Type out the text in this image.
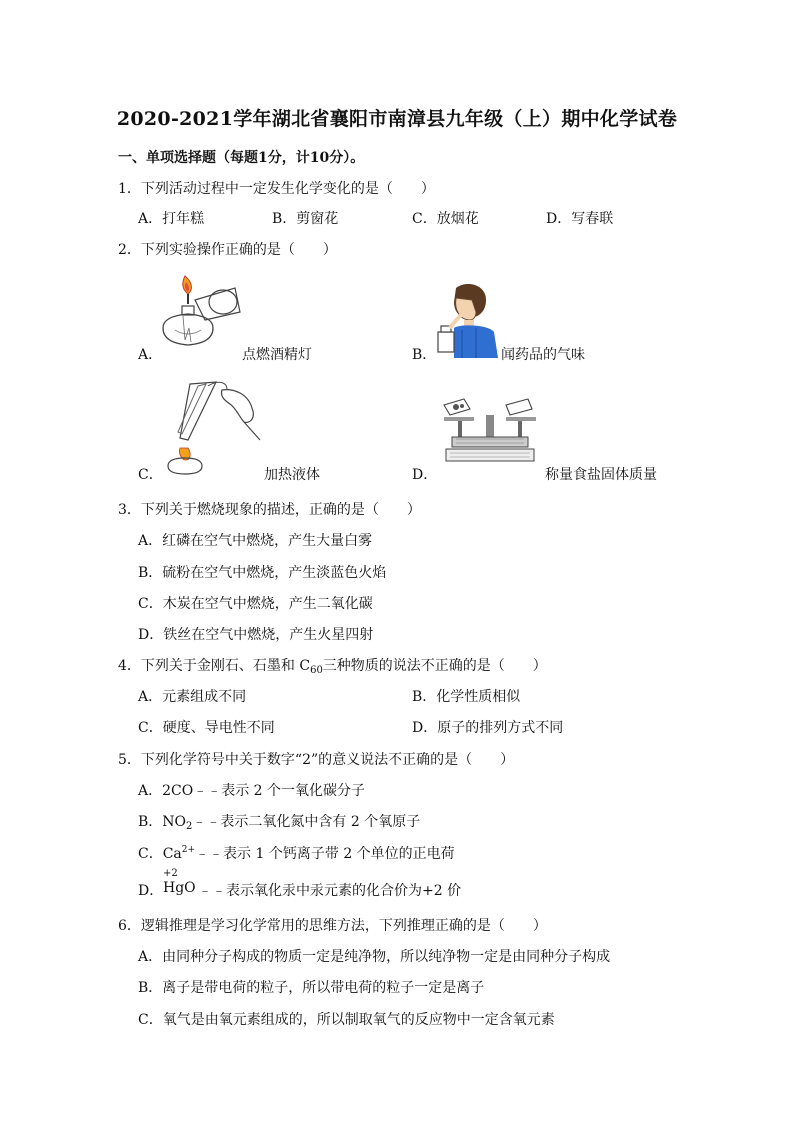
2020-2021学年湖北省襄阳市南漳县九年级（上）期中化学试卷
一、单项选择题（每题1分，计10分）。
1．下列活动过程中一定发生化学变化的是（　　）
A．打年糕	B．剪窗花	C．放烟花	D．写春联
2．下列实验操作正确的是（　　）
A．	点燃酒精灯	B．	闻药品的气味
C．	加热液体	D．	称量食盐固体质量
3．下列关于燃烧现象的描述，正确的是（　　）
A．红磷在空气中燃烧，产生大量白雾
B．硫粉在空气中燃烧，产生淡蓝色火焰
C．木炭在空气中燃烧，产生二氧化碳
D．铁丝在空气中燃烧，产生火星四射
4．下列关于金刚石、石墨和 $C_{60}$三种物质的说法不正确的是（　　）
A．元素组成不同	B．化学性质相似
C．硬度、导电性不同	D．原子的排列方式不同
5．下列化学符号中关于数字“2”的意义说法不正确的是（　　）
A．2CO﹣﹣表示 2 个一氧化碳分子
B．$NO_2﹣﹣$表示二氧化氮中含有 2 个氧原子
C．$Ca^{2+}﹣﹣$表示 1 个钙离子带 2 个单位的正电荷
D．
+2
HgO ﹣﹣表示氧化汞中汞元素的化合价为+2 价
6．逻辑推理是学习化学常用的思维方法，下列推理正确的是（　　）
A．由同种分子构成的物质一定是纯净物，所以纯净物一定是由同种分子构成
B．离子是带电荷的粒子，所以带电荷的粒子一定是离子
C．氧气是由氧元素组成的，所以制取氧气的反应物中一定含氧元素
